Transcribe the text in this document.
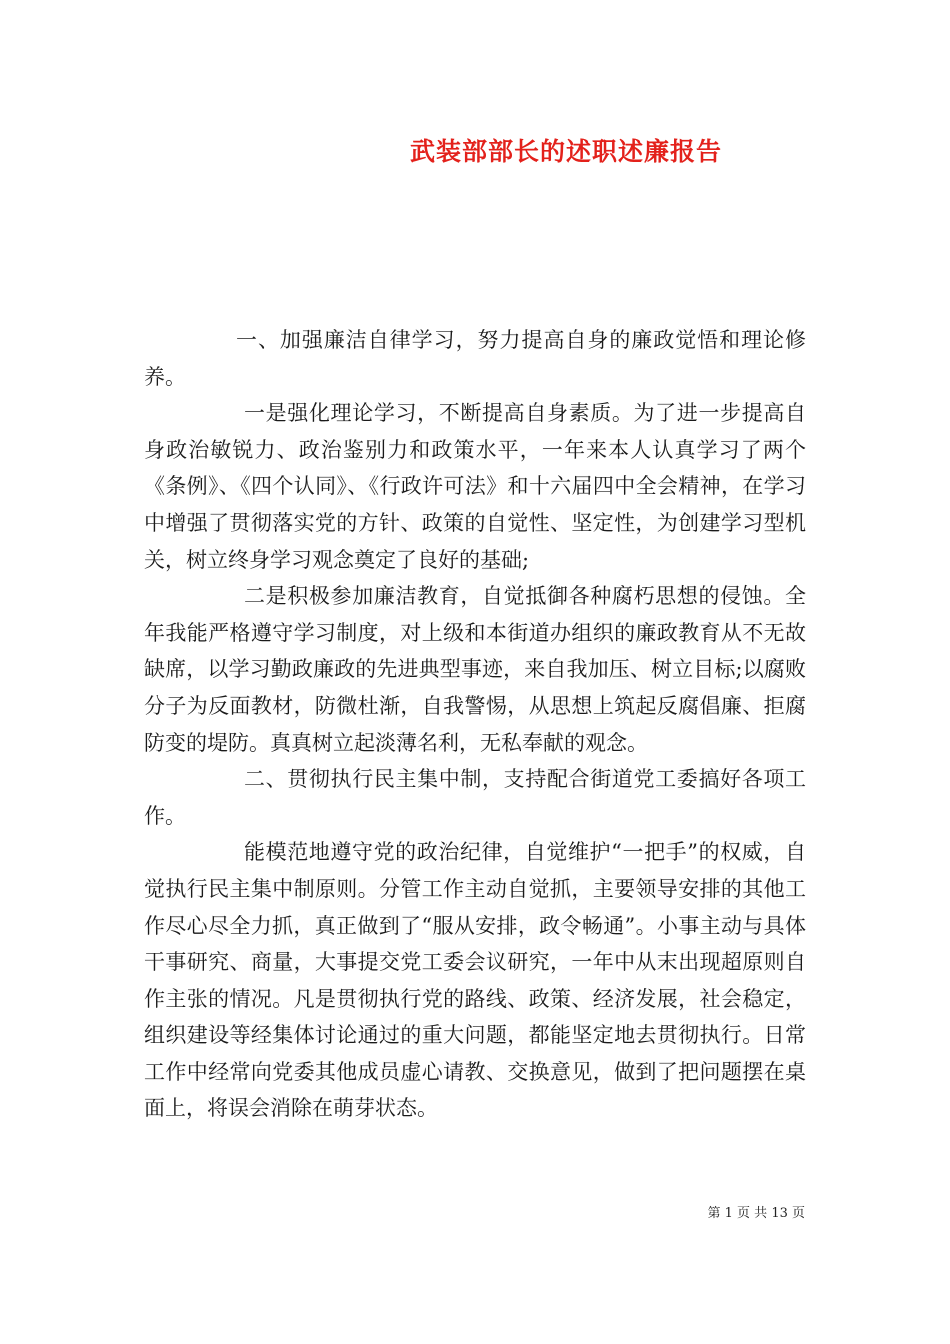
武装部部长的述职述廉报告

一、加强廉洁自律学习，努力提高自身的廉政觉悟和理论修养。

一是强化理论学习，不断提高自身素质。为了进一步提高自身政治敏锐力、政治鉴别力和政策水平，一年来本人认真学习了两个《条例》、《四个认同》、《行政许可法》和十六届四中全会精神，在学习中增强了贯彻落实党的方针、政策的自觉性、坚定性，为创建学习型机关，树立终身学习观念奠定了良好的基础;

二是积极参加廉洁教育，自觉抵御各种腐朽思想的侵蚀。全年我能严格遵守学习制度，对上级和本街道办组织的廉政教育从不无故缺席，以学习勤政廉政的先进典型事迹，来自我加压、树立目标;以腐败分子为反面教材，防微杜渐，自我警惕，从思想上筑起反腐倡廉、拒腐防变的堤防。真真树立起淡薄名利，无私奉献的观念。

二、贯彻执行民主集中制，支持配合街道党工委搞好各项工作。

能模范地遵守党的政治纪律，自觉维护“一把手”的权威，自觉执行民主集中制原则。分管工作主动自觉抓，主要领导安排的其他工作尽心尽全力抓，真正做到了“服从安排，政令畅通”。小事主动与具体干事研究、商量，大事提交党工委会议研究，一年中从末出现超原则自作主张的情况。凡是贯彻执行党的路线、政策、经济发展，社会稳定，组织建设等经集体讨论通过的重大问题，都能坚定地去贯彻执行。日常工作中经常向党委其他成员虚心请教、交换意见，做到了把问题摆在桌面上，将误会消除在萌芽状态。

第 1 页 共 13 页
